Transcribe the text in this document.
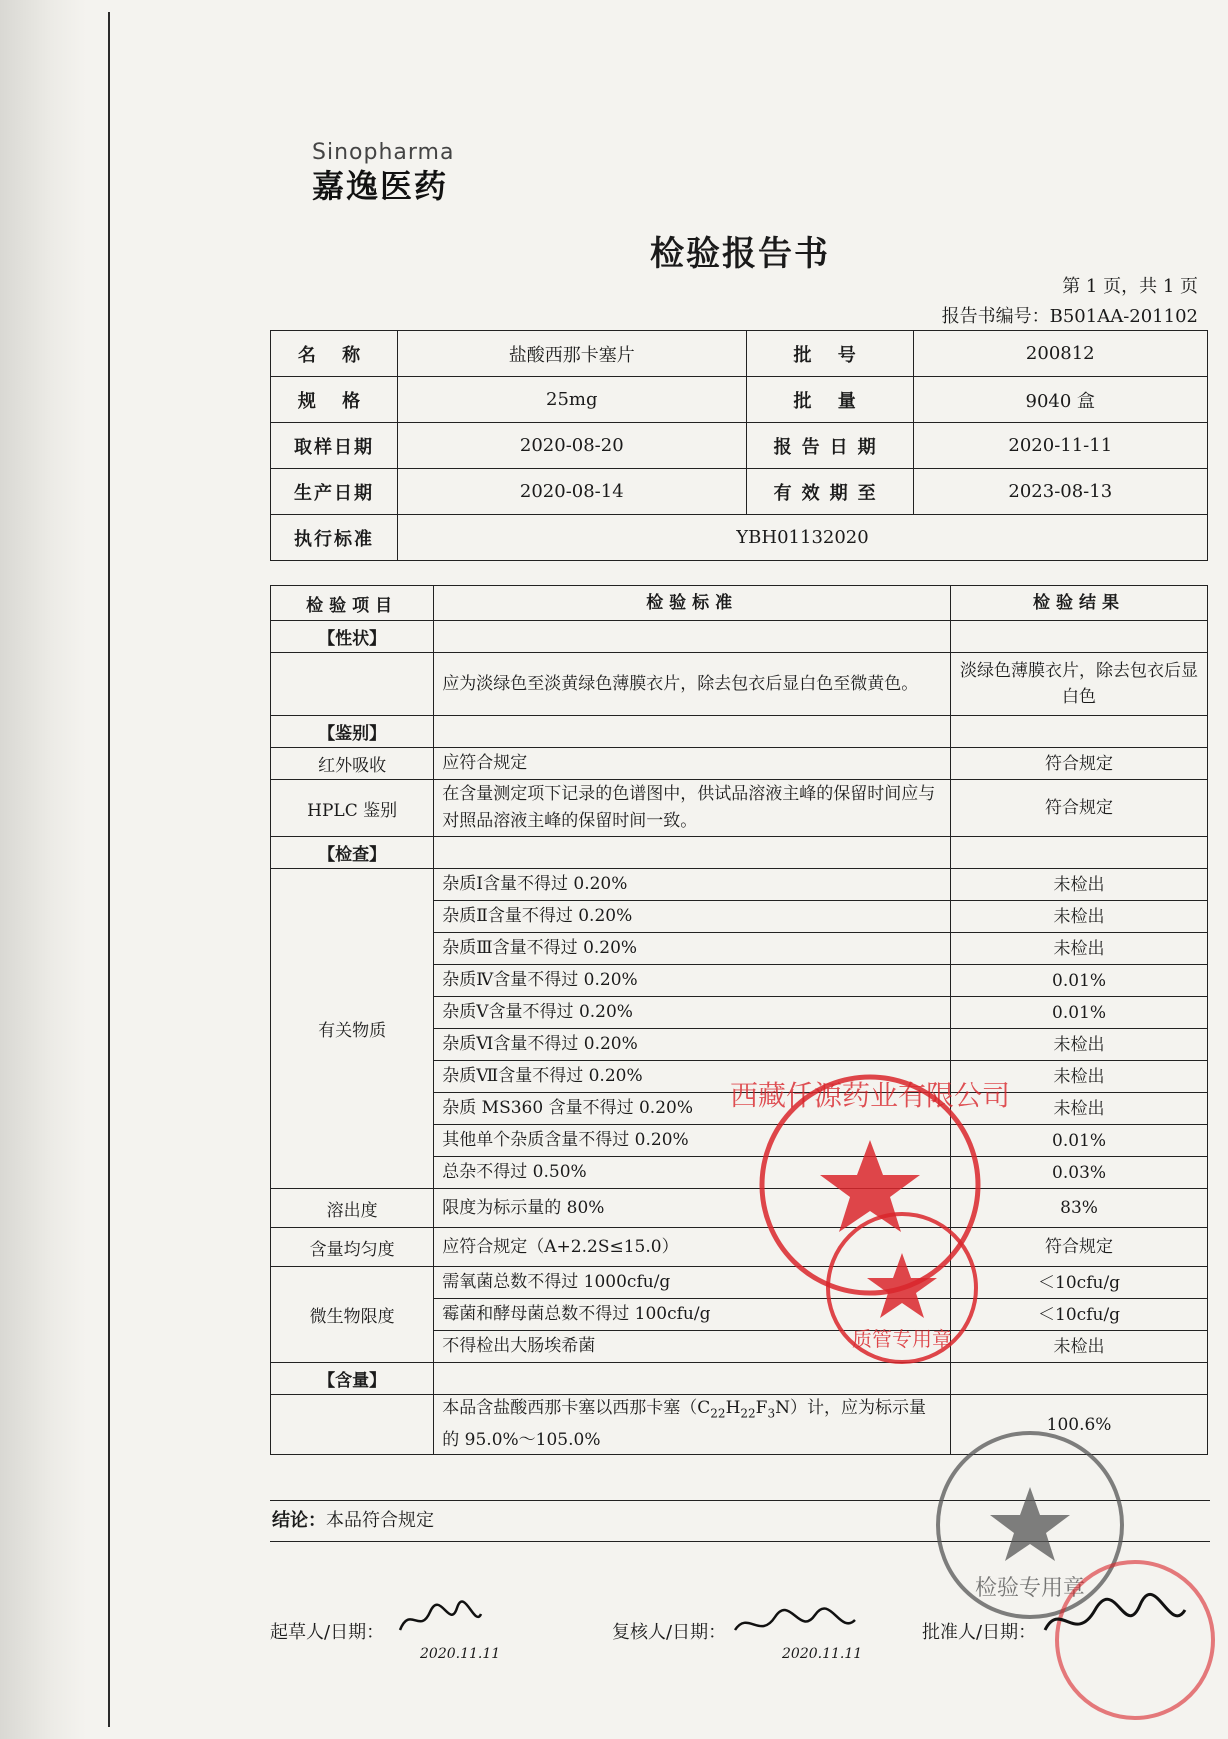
Sinopharma
嘉逸医药
检验报告书
第 1 页，共 1 页
报告书编号：B501AA-201102
名 称	盐酸西那卡塞片	批 号	200812
规 格	25mg	批 量	9040 盒
取样日期	2020-08-20	报告日期	2020-11-11
生产日期	2020-08-14	有效期至	2023-08-13
执行标准	YBH01132020		
检验项目	检验标准	检验结果
【性状】		
	应为淡绿色至淡黄绿色薄膜衣片，除去包衣后显白色至微黄色。	淡绿色薄膜衣片，除去包衣后显白色
【鉴别】		
红外吸收	应符合规定	符合规定
HPLC 鉴别	在含量测定项下记录的色谱图中，供试品溶液主峰的保留时间应与对照品溶液主峰的保留时间一致。	符合规定
【检查】		
有关物质	杂质Ⅰ含量不得过 0.20%	未检出
	杂质Ⅱ含量不得过 0.20%	未检出
	杂质Ⅲ含量不得过 0.20%	未检出
	杂质Ⅳ含量不得过 0.20%	0.01%
	杂质Ⅴ含量不得过 0.20%	0.01%
	杂质Ⅵ含量不得过 0.20%	未检出
	杂质Ⅶ含量不得过 0.20%	未检出
	杂质 MS360 含量不得过 0.20%	未检出
	其他单个杂质含量不得过 0.20%	0.01%
	总杂不得过 0.50%	0.03%
溶出度	限度为标示量的 80%	83%
含量均匀度	应符合规定（A+2.2S≤15.0）	符合规定
微生物限度	需氧菌总数不得过 1000cfu/g	＜10cfu/g
	霉菌和酵母菌总数不得过 100cfu/g	＜10cfu/g
	不得检出大肠埃希菌	未检出
【含量】		
	本品含盐酸西那卡塞以西那卡塞$(C_{22}H_{22}F_3N)$计，应为标示量的 95.0%～105.0%	100.6%
结论：本品符合规定
起草人/日期：
2020.11.11
复核人/日期：
2020.11.11
批准人/日期：
西藏仟源药业有限公司
质管专用章
检验专用章
